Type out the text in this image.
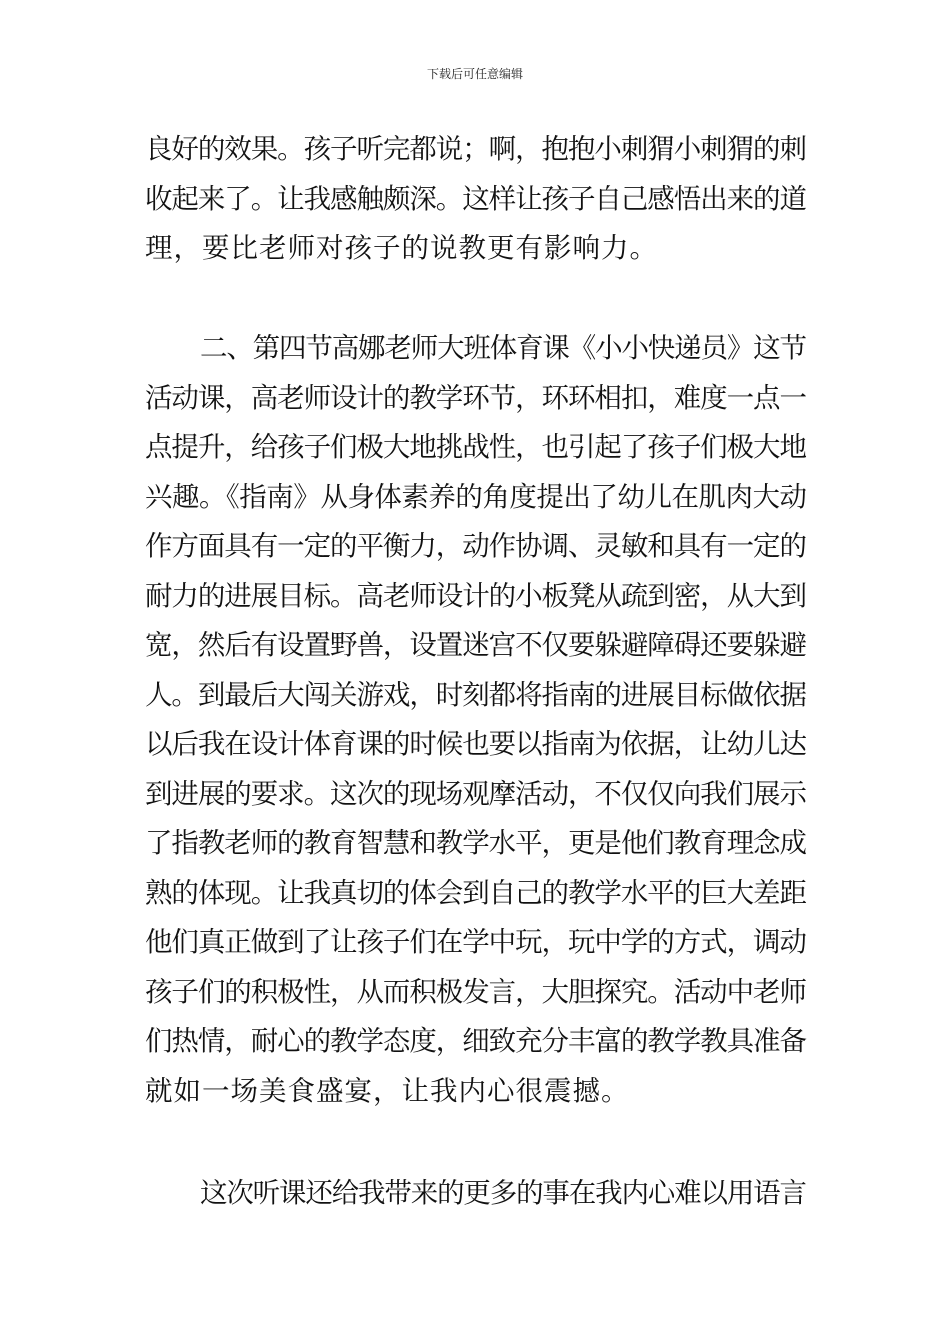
下载后可任意编辑
良好的效果。孩子听完都说；啊，抱抱小刺猬小刺猬的刺
收起来了。让我感触颇深。这样让孩子自己感悟出来的道
理，要比老师对孩子的说教更有影响力。
二、第四节高娜老师大班体育课《小小快递员》这节
活动课，高老师设计的教学环节，环环相扣，难度一点一
点提升，给孩子们极大地挑战性，也引起了孩子们极大地
兴趣。《指南》从身体素养的角度提出了幼儿在肌肉大动
作方面具有一定的平衡力，动作协调、灵敏和具有一定的
耐力的进展目标。高老师设计的小板凳从疏到密，从大到
宽，然后有设置野兽，设置迷宫不仅要躲避障碍还要躲避
人。到最后大闯关游戏，时刻都将指南的进展目标做依据
以后我在设计体育课的时候也要以指南为依据，让幼儿达
到进展的要求。这次的现场观摩活动，不仅仅向我们展示
了指教老师的教育智慧和教学水平，更是他们教育理念成
熟的体现。让我真切的体会到自己的教学水平的巨大差距
他们真正做到了让孩子们在学中玩，玩中学的方式，调动
孩子们的积极性，从而积极发言，大胆探究。活动中老师
们热情，耐心的教学态度，细致充分丰富的教学教具准备
就如一场美食盛宴，让我内心很震撼。
这次听课还给我带来的更多的事在我内心难以用语言
